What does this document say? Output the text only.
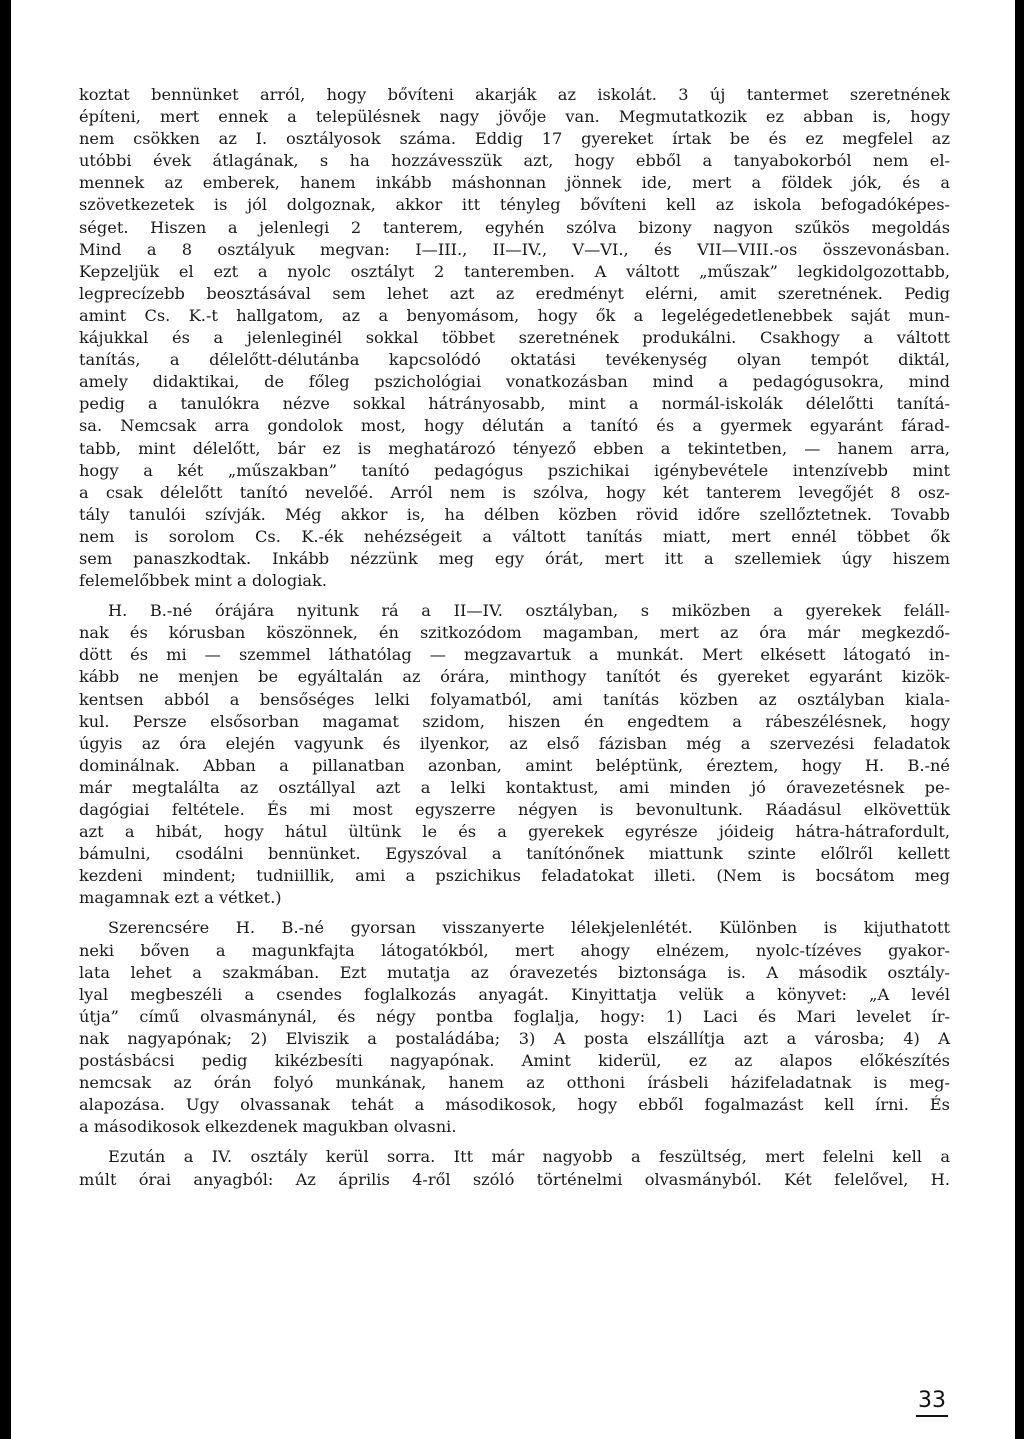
koztat bennünket arról, hogy bővíteni akarják az iskolát. 3 új tantermet szeretnének
építeni, mert ennek a településnek nagy jövője van. Megmutatkozik ez abban is, hogy
nem csökken az I. osztályosok száma. Eddig 17 gyereket írtak be és ez megfelel az
utóbbi évek átlagának, s ha hozzávesszük azt, hogy ebből a tanyabokorból nem el-
mennek az emberek, hanem inkább máshonnan jönnek ide, mert a földek jók, és a
szövetkezetek is jól dolgoznak, akkor itt tényleg bővíteni kell az iskola befogadóképes-
séget. Hiszen a jelenlegi 2 tanterem, egyhén szólva bizony nagyon szűkös megoldás
Mind a 8 osztályuk megvan: I—III., II—IV., V—VI., és VII—VIII.-os összevonásban.
Kepzeljük el ezt a nyolc osztályt 2 tanteremben. A váltott „műszak” legkidolgozottabb,
legprecízebb beosztásával sem lehet azt az eredményt elérni, amit szeretnének. Pedig
amint Cs. K.-t hallgatom, az a benyomásom, hogy ők a legelégedetlenebbek saját mun-
kájukkal és a jelenleginél sokkal többet szeretnének produkálni. Csakhogy a váltott
tanítás, a délelőtt-délutánba kapcsolódó oktatási tevékenység olyan tempót diktál,
amely didaktikai, de főleg pszichológiai vonatkozásban mind a pedagógusokra, mind
pedig a tanulókra nézve sokkal hátrányosabb, mint a normál-iskolák délelőtti tanítá-
sa. Nemcsak arra gondolok most, hogy délután a tanító és a gyermek egyaránt fárad-
tabb, mint délelőtt, bár ez is meghatározó tényező ebben a tekintetben, — hanem arra,
hogy a két „műszakban” tanító pedagógus pszichikai igénybevétele intenzívebb mint
a csak délelőtt tanító nevelőé. Arról nem is szólva, hogy két tanterem levegőjét 8 osz-
tály tanulói szívják. Még akkor is, ha délben közben rövid időre szellőztetnek. Tovabb
nem is sorolom Cs. K.-ék nehézségeit a váltott tanítás miatt, mert ennél többet ők
sem panaszkodtak. Inkább nézzünk meg egy órát, mert itt a szellemiek úgy hiszem
felemelőbbek mint a dologiak.
H. B.-né órájára nyitunk rá a II—IV. osztályban, s miközben a gyerekek feláll-
nak és kórusban köszönnek, én szitkozódom magamban, mert az óra már megkezdő-
dött és mi — szemmel láthatólag — megzavartuk a munkát. Mert elkésett látogató in-
kább ne menjen be egyáltalán az órára, minthogy tanítót és gyereket egyaránt kizök-
kentsen abból a bensőséges lelki folyamatból, ami tanítás közben az osztályban kiala-
kul. Persze elsősorban magamat szidom, hiszen én engedtem a rábeszélésnek, hogy
úgyis az óra elején vagyunk és ilyenkor, az első fázisban még a szervezési feladatok
dominálnak. Abban a pillanatban azonban, amint beléptünk, éreztem, hogy H. B.-né
már megtalálta az osztállyal azt a lelki kontaktust, ami minden jó óravezetésnek pe-
dagógiai feltétele. És mi most egyszerre négyen is bevonultunk. Ráadásul elkövettük
azt a hibát, hogy hátul ültünk le és a gyerekek egyrésze jóideig hátra-hátrafordult,
bámulni, csodálni bennünket. Egyszóval a tanítónőnek miattunk szinte előlről kellett
kezdeni mindent; tudniillik, ami a pszichikus feladatokat illeti. (Nem is bocsátom meg
magamnak ezt a vétket.)
Szerencsére H. B.-né gyorsan visszanyerte lélekjelenlétét. Különben is kijuthatott
neki bőven a magunkfajta látogatókból, mert ahogy elnézem, nyolc-tízéves gyakor-
lata lehet a szakmában. Ezt mutatja az óravezetés biztonsága is. A második osztály-
lyal megbeszéli a csendes foglalkozás anyagát. Kinyittatja velük a könyvet: „A levél
útja” című olvasmánynál, és négy pontba foglalja, hogy: 1) Laci és Mari levelet ír-
nak nagyapónak; 2) Elviszik a postaládába; 3) A posta elszállítja azt a városba; 4) A
postásbácsi pedig kikézbesíti nagyapónak. Amint kiderül, ez az alapos előkészítés
nemcsak az órán folyó munkának, hanem az otthoni írásbeli házifeladatnak is meg-
alapozása. Ugy olvassanak tehát a másodikosok, hogy ebből fogalmazást kell írni. És
a másodikosok elkezdenek magukban olvasni.
Ezután a IV. osztály kerül sorra. Itt már nagyobb a feszültség, mert felelni kell a
múlt órai anyagból: Az április 4-ről szóló történelmi olvasmányból. Két felelővel, H.
33
